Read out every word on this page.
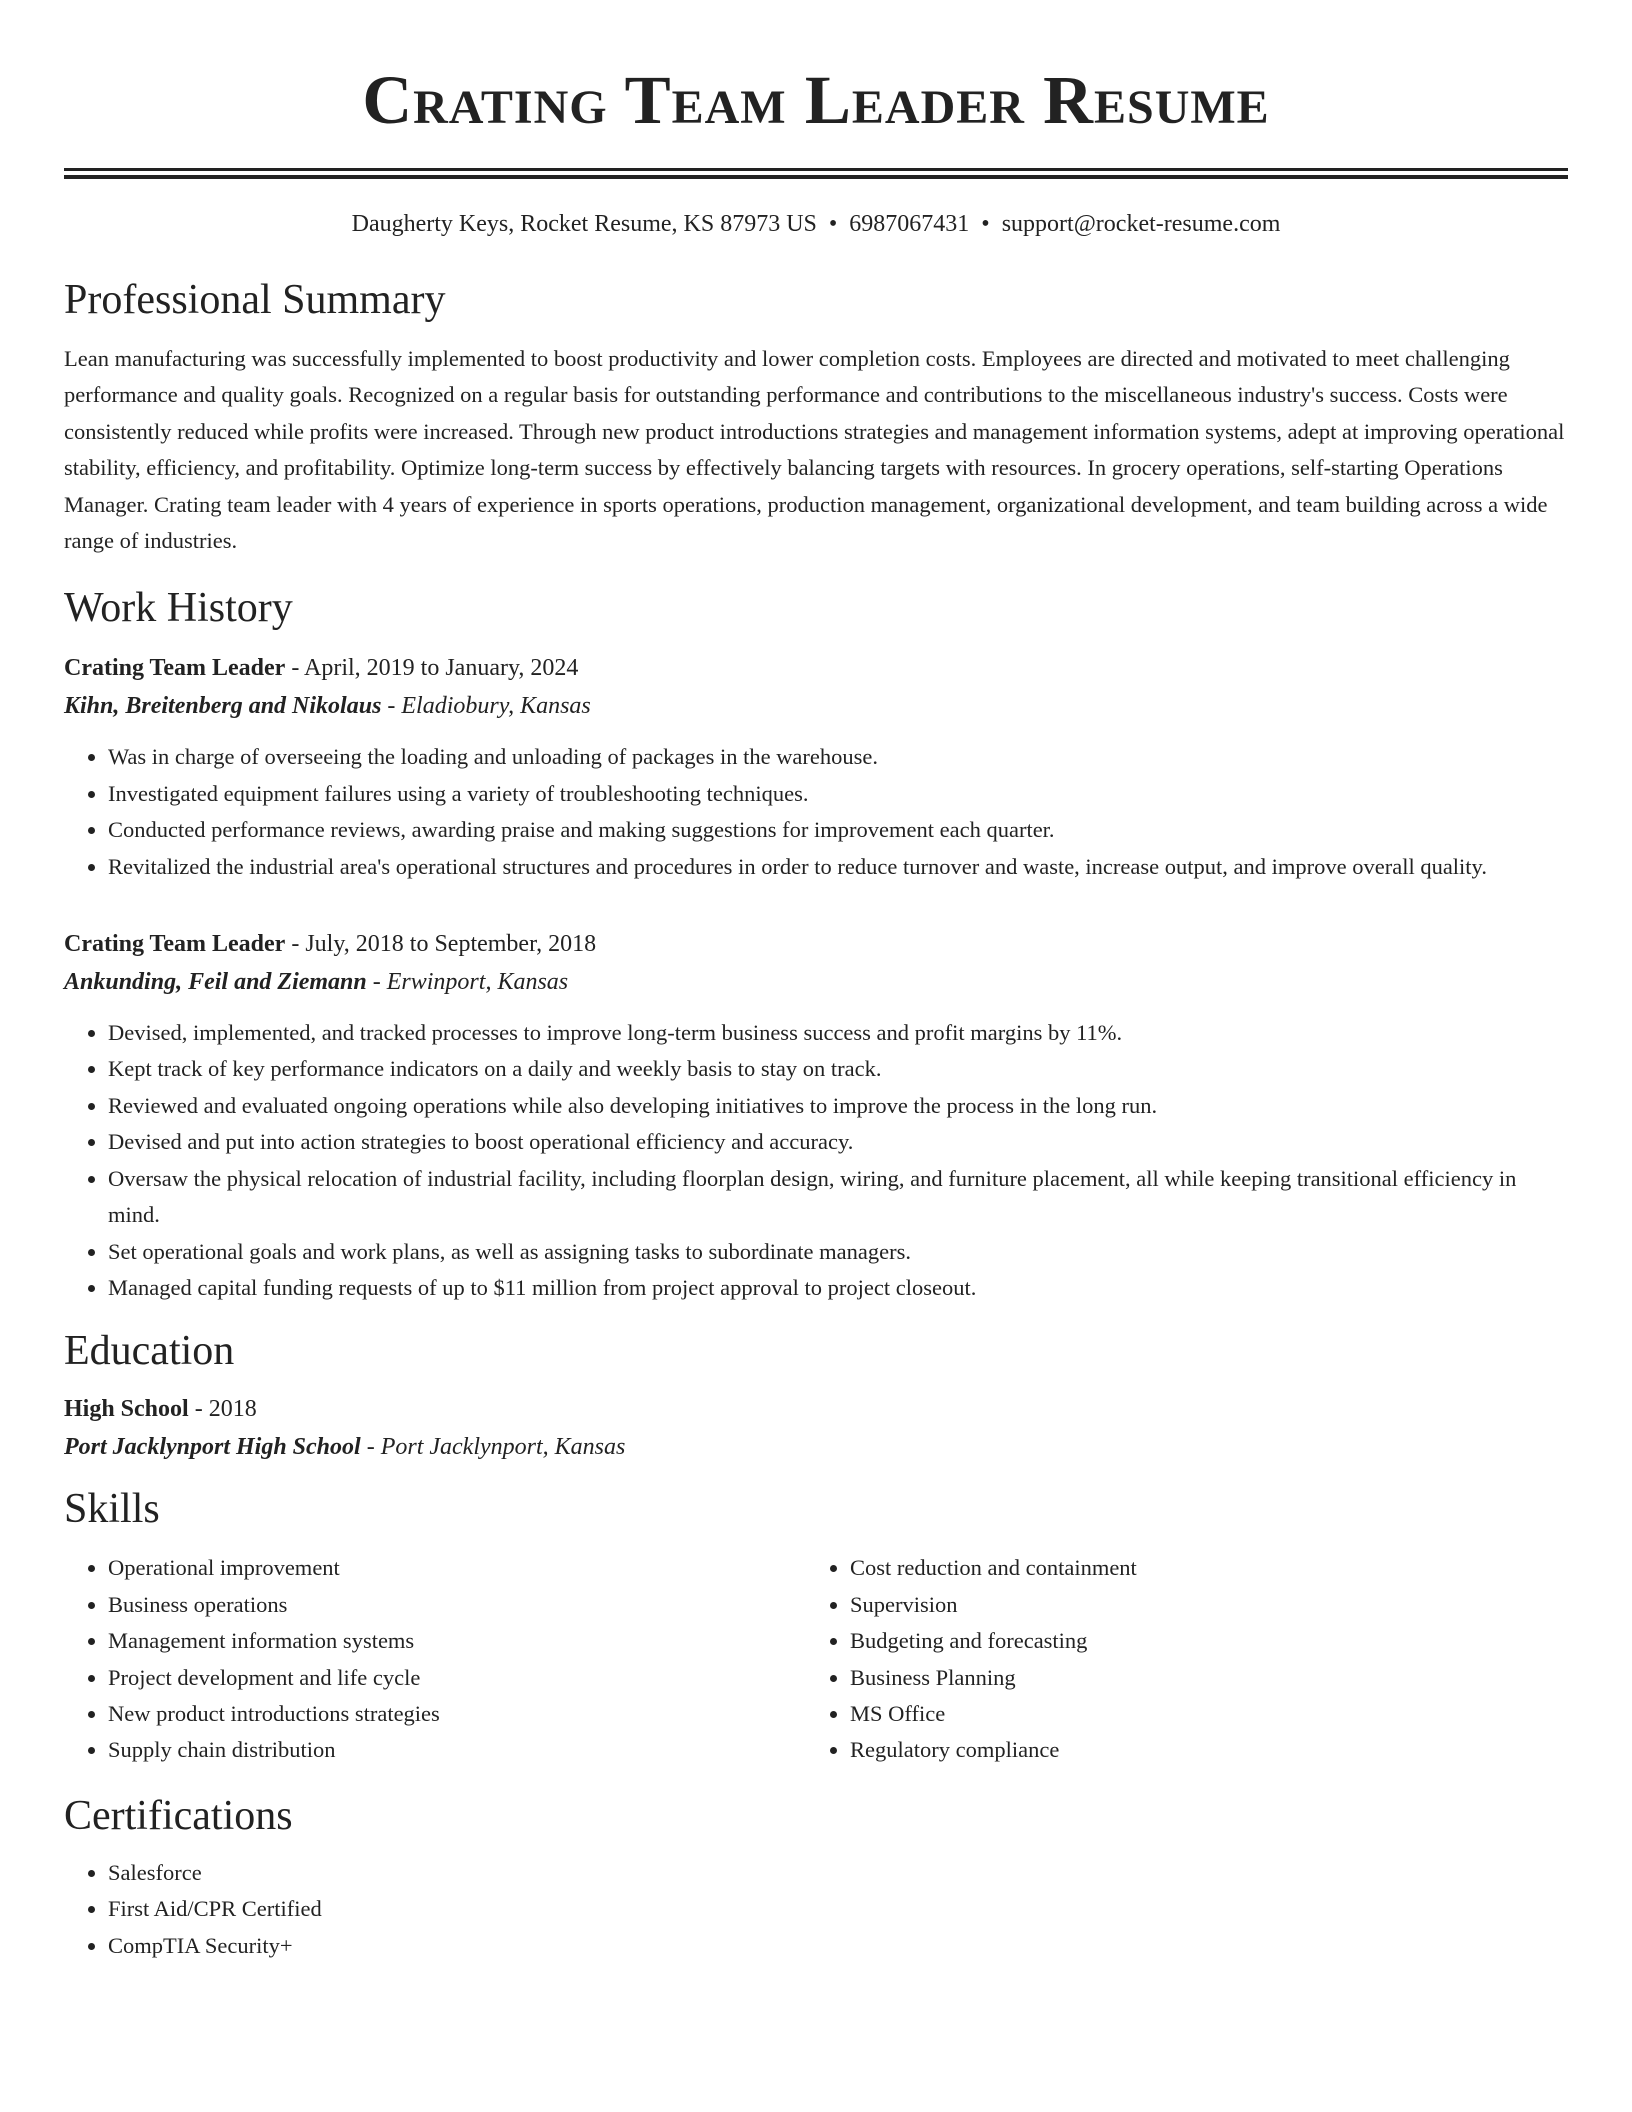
Crating Team Leader Resume
Daugherty Keys, Rocket Resume, KS 87973 US • 6987067431 • support@rocket-resume.com
Professional Summary

Lean manufacturing was successfully implemented to boost productivity and lower completion costs. Employees are directed and motivated to meet challenging performance and quality goals. Recognized on a regular basis for outstanding performance and contributions to the miscellaneous industry's success. Costs were consistently reduced while profits were increased. Through new product introductions strategies and management information systems, adept at improving operational stability, efficiency, and profitability. Optimize long-term success by effectively balancing targets with resources. In grocery operations, self-starting Operations Manager. Crating team leader with 4 years of experience in sports operations, production management, organizational development, and team building across a wide range of industries.

Work History
Crating Team Leader - April, 2019 to January, 2024
Kihn, Breitenberg and Nikolaus - Eladiobury, Kansas
• Was in charge of overseeing the loading and unloading of packages in the warehouse.
• Investigated equipment failures using a variety of troubleshooting techniques.
• Conducted performance reviews, awarding praise and making suggestions for improvement each quarter.
• Revitalized the industrial area's operational structures and procedures in order to reduce turnover and waste, increase output, and improve overall quality.
Crating Team Leader - July, 2018 to September, 2018
Ankunding, Feil and Ziemann - Erwinport, Kansas
• Devised, implemented, and tracked processes to improve long-term business success and profit margins by 11%.
• Kept track of key performance indicators on a daily and weekly basis to stay on track.
• Reviewed and evaluated ongoing operations while also developing initiatives to improve the process in the long run.
• Devised and put into action strategies to boost operational efficiency and accuracy.
• Oversaw the physical relocation of industrial facility, including floorplan design, wiring, and furniture placement, all while keeping transitional efficiency in mind.
• Set operational goals and work plans, as well as assigning tasks to subordinate managers.
• Managed capital funding requests of up to $11 million from project approval to project closeout.
Education
High School - 2018
Port Jacklynport High School - Port Jacklynport, Kansas
Skills
• Operational improvement
• Business operations
• Management information systems
• Project development and life cycle
• New product introductions strategies
• Supply chain distribution
• Cost reduction and containment
• Supervision
• Budgeting and forecasting
• Business Planning
• MS Office
• Regulatory compliance
Certifications
• Salesforce
• First Aid/CPR Certified
• CompTIA Security+
